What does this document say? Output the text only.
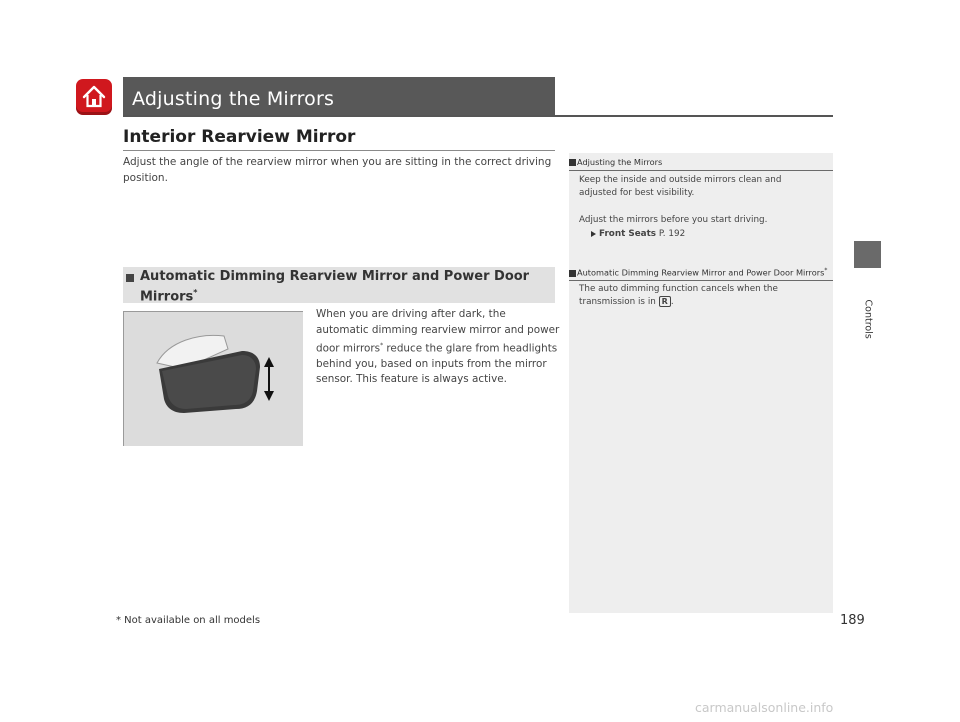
Adjusting the Mirrors
Interior Rearview Mirror
Adjust the angle of the rearview mirror when you are sitting in the correct driving position.
Automatic Dimming Rearview Mirror and Power Door Mirrors*
When you are driving after dark, the automatic dimming rearview mirror and power door mirrors* reduce the glare from headlights behind you, based on inputs from the mirror sensor. This feature is always active.
Adjusting the Mirrors
Keep the inside and outside mirrors clean and adjusted for best visibility.
Adjust the mirrors before you start driving.
Front Seats P. 192
Automatic Dimming Rearview Mirror and Power Door Mirrors*
The auto dimming function cancels when the transmission is in R .	Controls
* Not available on all models	189
carmanualsonline.info
